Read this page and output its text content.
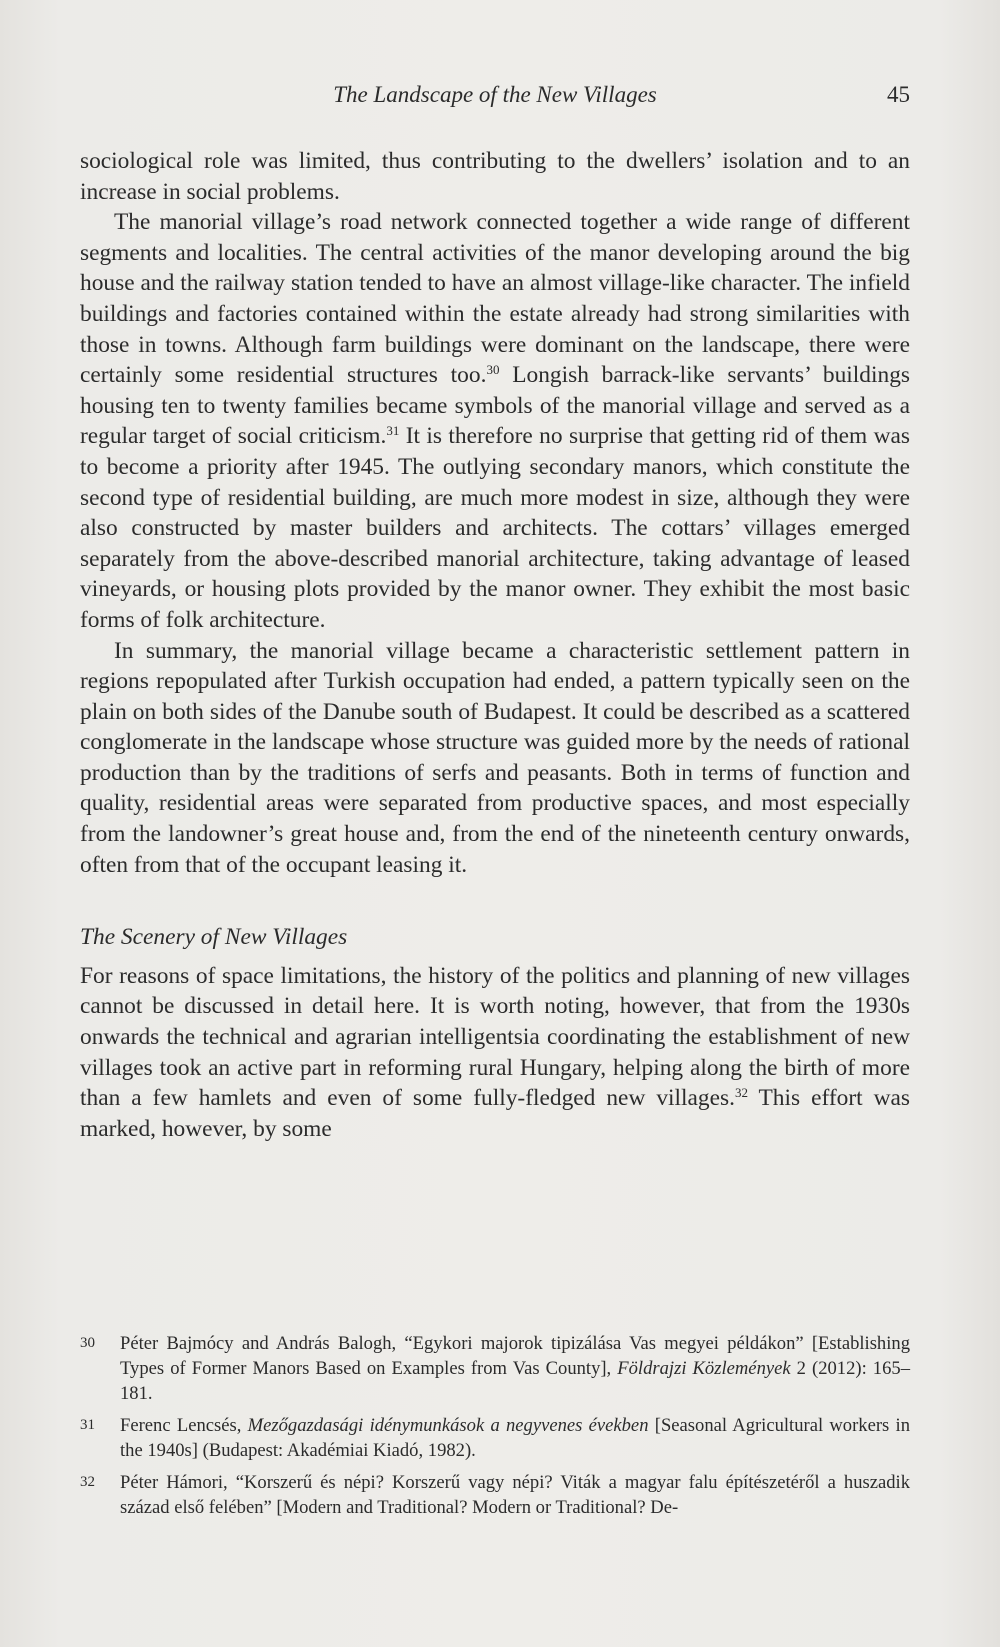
The Landscape of the New Villages	45

sociological role was limited, thus contributing to the dwellers’ isolation and to an increase in social problems.

The manorial village’s road network connected together a wide range of different segments and localities. The central activities of the manor developing around the big house and the railway station tended to have an almost village-like character. The infield buildings and factories contained within the estate already had strong similarities with those in towns. Although farm buildings were dominant on the landscape, there were certainly some residential structures too.$^{30}$ Longish barrack-like servants’ buildings housing ten to twenty families became symbols of the manorial village and served as a regular target of social criticism.$^{31}$ It is therefore no surprise that getting rid of them was to become a priority after 1945. The outlying secondary manors, which constitute the second type of residential building, are much more modest in size, although they were also constructed by master builders and architects. The cottars’ villages emerged separately from the above-described manorial architecture, taking advantage of leased vineyards, or housing plots provided by the manor owner. They exhibit the most basic forms of folk architecture.

In summary, the manorial village became a characteristic settlement pattern in regions repopulated after Turkish occupation had ended, a pattern typically seen on the plain on both sides of the Danube south of Budapest. It could be described as a scattered conglomerate in the landscape whose structure was guided more by the needs of rational production than by the traditions of serfs and peasants. Both in terms of function and quality, residential areas were separated from productive spaces, and most especially from the landowner’s great house and, from the end of the nineteenth century onwards, often from that of the occupant leasing it.

The Scenery of New Villages

For reasons of space limitations, the history of the politics and planning of new villages cannot be discussed in detail here. It is worth noting, however, that from the 1930s onwards the technical and agrarian intelligentsia coordinating the establishment of new villages took an active part in reforming rural Hungary, helping along the birth of more than a few hamlets and even of some fully-fledged new villages.$^{32}$ This effort was marked, however, by some

30 Péter Bajmócy and András Balogh, “Egykori majorok tipizálása Vas megyei példákon” [Establishing Types of Former Manors Based on Examples from Vas County], Földrajzi Közlemények 2 (2012): 165–181.
31 Ferenc Lencsés, Mezőgazdasági idénymunkások a negyvenes években [Seasonal Agricultural workers in the 1940s] (Budapest: Akadémiai Kiadó, 1982).
32 Péter Hámori, “Korszerű és népi? Korszerű vagy népi? Viták a magyar falu építészetéről a huszadik század első felében” [Modern and Traditional? Modern or Traditional? De-
